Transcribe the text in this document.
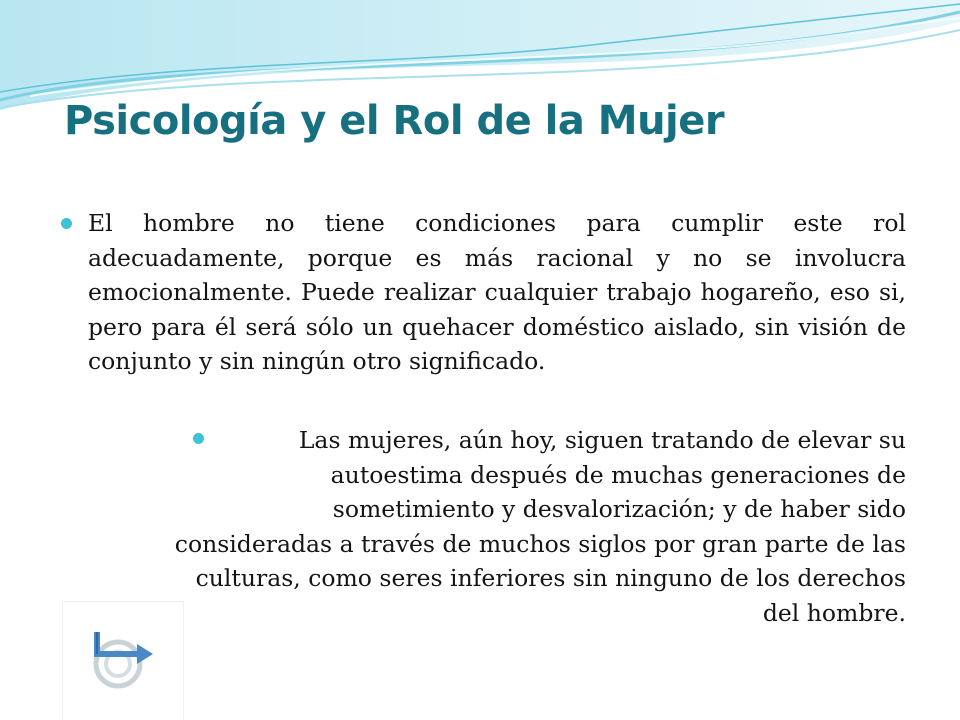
Psicología y el Rol de la Mujer
El hombre no tiene condiciones para cumplir este rol adecuadamente, porque es más racional y no se involucra emocionalmente. Puede realizar cualquier trabajo hogareño, eso si, pero para él será sólo un quehacer doméstico aislado, sin visión de conjunto y sin ningún otro significado.
Las mujeres, aún hoy, siguen tratando de elevar su
autoestima después de muchas generaciones de
sometimiento y desvalorización; y de haber sido
consideradas a través de muchos siglos por gran parte de las
culturas, como seres inferiores sin ninguno de los derechos
del hombre.
